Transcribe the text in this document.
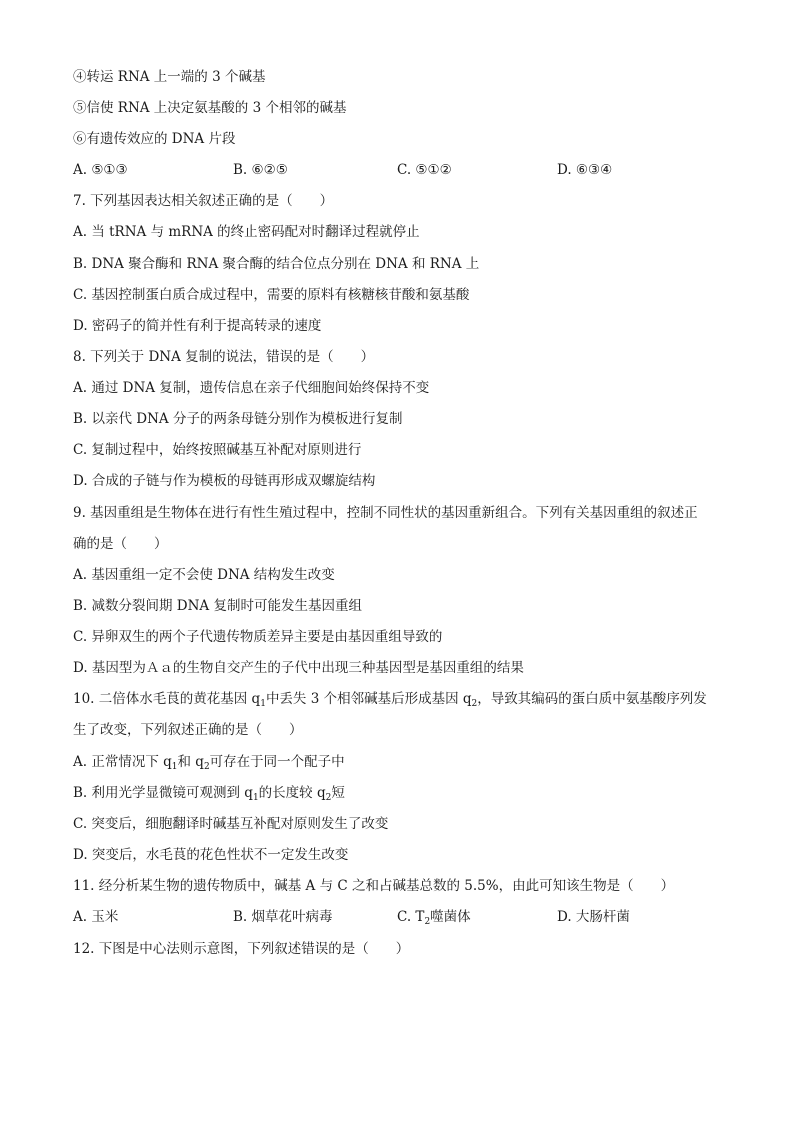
④转运 RNA 上一端的 3 个碱基
⑤信使 RNA 上决定氨基酸的 3 个相邻的碱基
⑥有遗传效应的 DNA 片段
A. ⑤①③	B. ⑥②⑤	C. ⑤①②	D. ⑥③④
7. 下列基因表达相关叙述正确的是（　　）
A. 当 tRNA 与 mRNA 的终止密码配对时翻译过程就停止
B. DNA 聚合酶和 RNA 聚合酶的结合位点分别在 DNA 和 RNA 上
C. 基因控制蛋白质合成过程中，需要的原料有核糖核苷酸和氨基酸
D. 密码子的简并性有利于提高转录的速度
8. 下列关于 DNA 复制的说法，错误的是（　　）
A. 通过 DNA 复制，遗传信息在亲子代细胞间始终保持不变
B. 以亲代 DNA 分子的两条母链分别作为模板进行复制
C. 复制过程中，始终按照碱基互补配对原则进行
D. 合成的子链与作为模板的母链再形成双螺旋结构
9. 基因重组是生物体在进行有性生殖过程中，控制不同性状的基因重新组合。下列有关基因重组的叙述正
确的是（　　）
A. 基因重组一定不会使 DNA 结构发生改变
B. 减数分裂间期 DNA 复制时可能发生基因重组
C. 异卵双生的两个子代遗传物质差异主要是由基因重组导致的
D. 基因型为Ａａ的生物自交产生的子代中出现三种基因型是基因重组的结果
10. 二倍体水毛茛的黄花基因 $q_1$中丢失 3 个相邻碱基后形成基因 $q_2$，导致其编码的蛋白质中氨基酸序列发
生了改变，下列叙述正确的是（　　）
A. 正常情况下 $q_1$和 $q_2$可存在于同一个配子中
B. 利用光学显微镜可观测到 $q_1$的长度较 $q_2$短
C. 突变后，细胞翻译时碱基互补配对原则发生了改变
D. 突变后，水毛茛的花色性状不一定发生改变
11. 经分析某生物的遗传物质中，碱基 A 与 C 之和占碱基总数的 5.5%，由此可知该生物是（　　）
A. 玉米	B. 烟草花叶病毒	C. $T_2$噬菌体	D. 大肠杆菌
12. 下图是中心法则示意图，下列叙述错误的是（　　）
